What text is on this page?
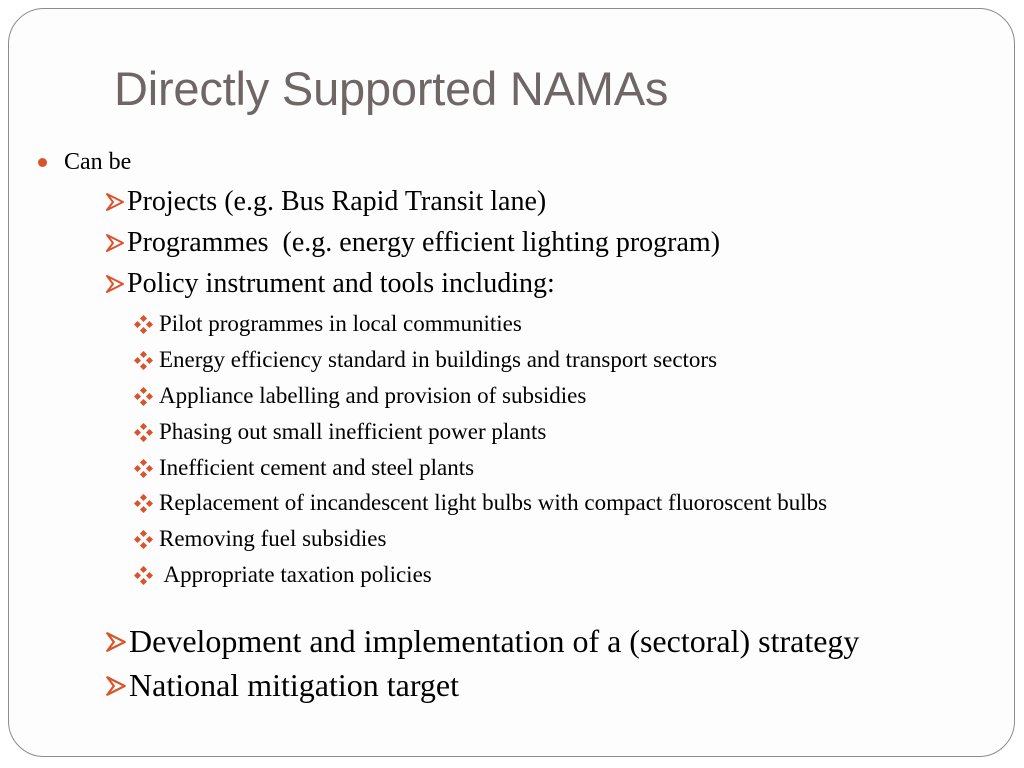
Directly Supported NAMAs
Can be
Projects (e.g. Bus Rapid Transit lane)
Programmes  (e.g. energy efficient lighting program)
Policy instrument and tools including:
Pilot programmes in local communities
Energy efficiency standard in buildings and transport sectors
Appliance labelling and provision of subsidies
Phasing out small inefficient power plants
Inefficient cement and steel plants
Replacement of incandescent light bulbs with compact fluoroscent bulbs
Removing fuel subsidies
Appropriate taxation policies
Development and implementation of a (sectoral) strategy
National mitigation target
